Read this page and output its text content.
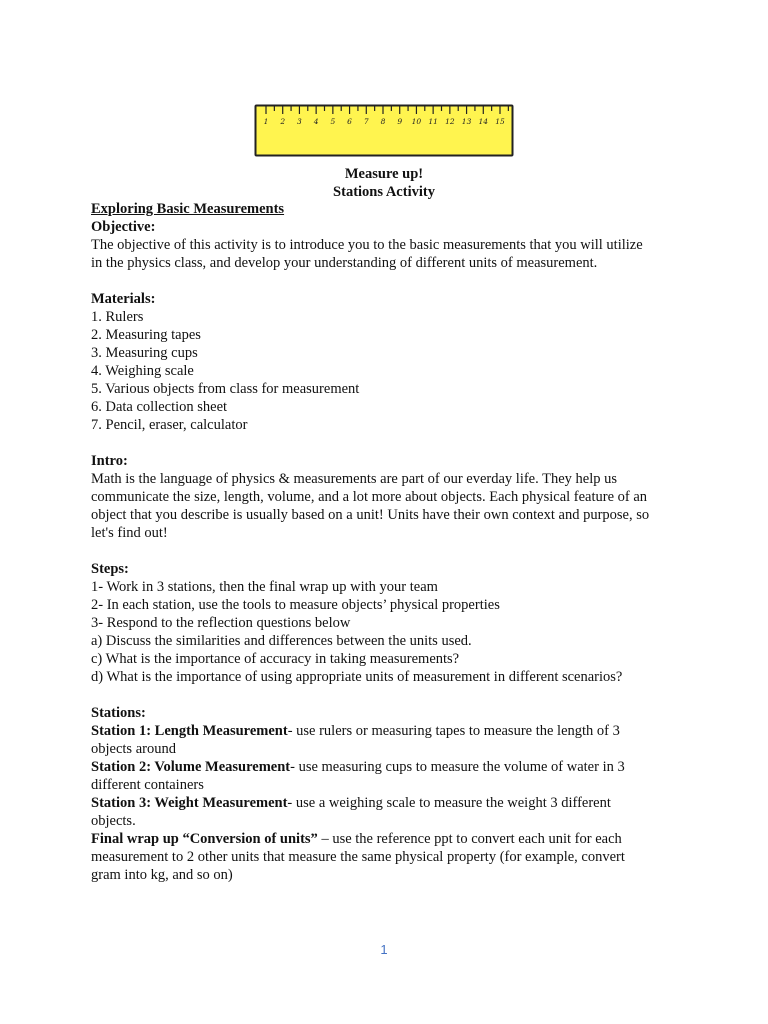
1 2 3 4 5 6 7 8 9 10 11 12 13 14 15
Measure up!
Stations Activity

Exploring Basic Measurements

Objective:

The objective of this activity is to introduce you to the basic measurements that you will utilize

in the physics class, and develop your understanding of different units of measurement.

Materials:

1. Rulers

2. Measuring tapes

3. Measuring cups

4. Weighing scale

5. Various objects from class for measurement

6. Data collection sheet

7. Pencil, eraser, calculator

Intro:

Math is the language of physics & measurements are part of our everday life. They help us

communicate the size, length, volume, and a lot more about objects. Each physical feature of an

object that you describe is usually based on a unit! Units have their own context and purpose, so

let's find out!

Steps:

1- Work in 3 stations, then the final wrap up with your team

2- In each station, use the tools to measure objects’ physical properties

3- Respond to the reflection questions below

a) Discuss the similarities and differences between the units used.

c) What is the importance of accuracy in taking measurements?

d) What is the importance of using appropriate units of measurement in different scenarios?

Stations:

Station 1: Length Measurement- use rulers or measuring tapes to measure the length of 3

objects around

Station 2: Volume Measurement- use measuring cups to measure the volume of water in 3

different containers

Station 3: Weight Measurement- use a weighing scale to measure the weight 3 different

objects.

Final wrap up “Conversion of units” – use the reference ppt to convert each unit for each

measurement to 2 other units that measure the same physical property (for example, convert

gram into kg, and so on)

1
